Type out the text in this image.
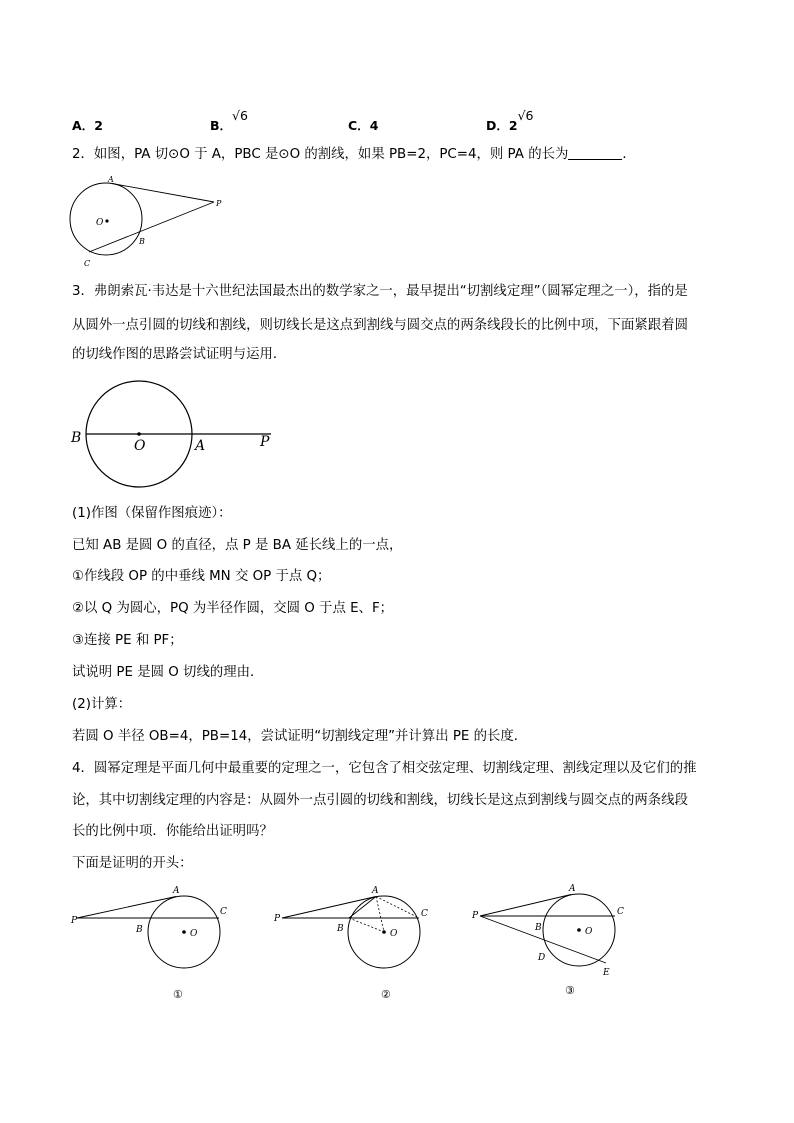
A．2	B．√6
C．4	D．2√6
2．如图，PA 切⊙O 于 A，PBC 是⊙O 的割线，如果 PB=2，PC=4，则 PA 的长为	．
A
P
O
B
C
3．弗朗索瓦·韦达是十六世纪法国最杰出的数学家之一，最早提出“切割线定理”（圆幂定理之一），指的是
从圆外一点引圆的切线和割线，则切线长是这点到割线与圆交点的两条线段长的比例中项，下面紧跟着圆
的切线作图的思路尝试证明与运用．
B	O	A	P
(1)作图（保留作图痕迹）：
已知 AB 是圆 O 的直径，点 P 是 BA 延长线上的一点，
①作线段 OP 的中垂线 MN 交 OP 于点 Q；
②以 Q 为圆心，PQ 为半径作圆，交圆 O 于点 E、F；
③连接 PE 和 PF；
试说明 PE 是圆 O 切线的理由．
(2)计算：
若圆 O 半径 OB=4，PB=14，尝试证明“切割线定理”并计算出 PE 的长度．
4．圆幂定理是平面几何中最重要的定理之一，它包含了相交弦定理、切割线定理、割线定理以及它们的推
论，其中切割线定理的内容是：从圆外一点引圆的切线和割线，切线长是这点到割线与圆交点的两条线段
长的比例中项．你能给出证明吗？
下面是证明的开头：
P
A
B
C
O
①
P
A
B
C
O
②
P
A
B
C
O
D
E
③
